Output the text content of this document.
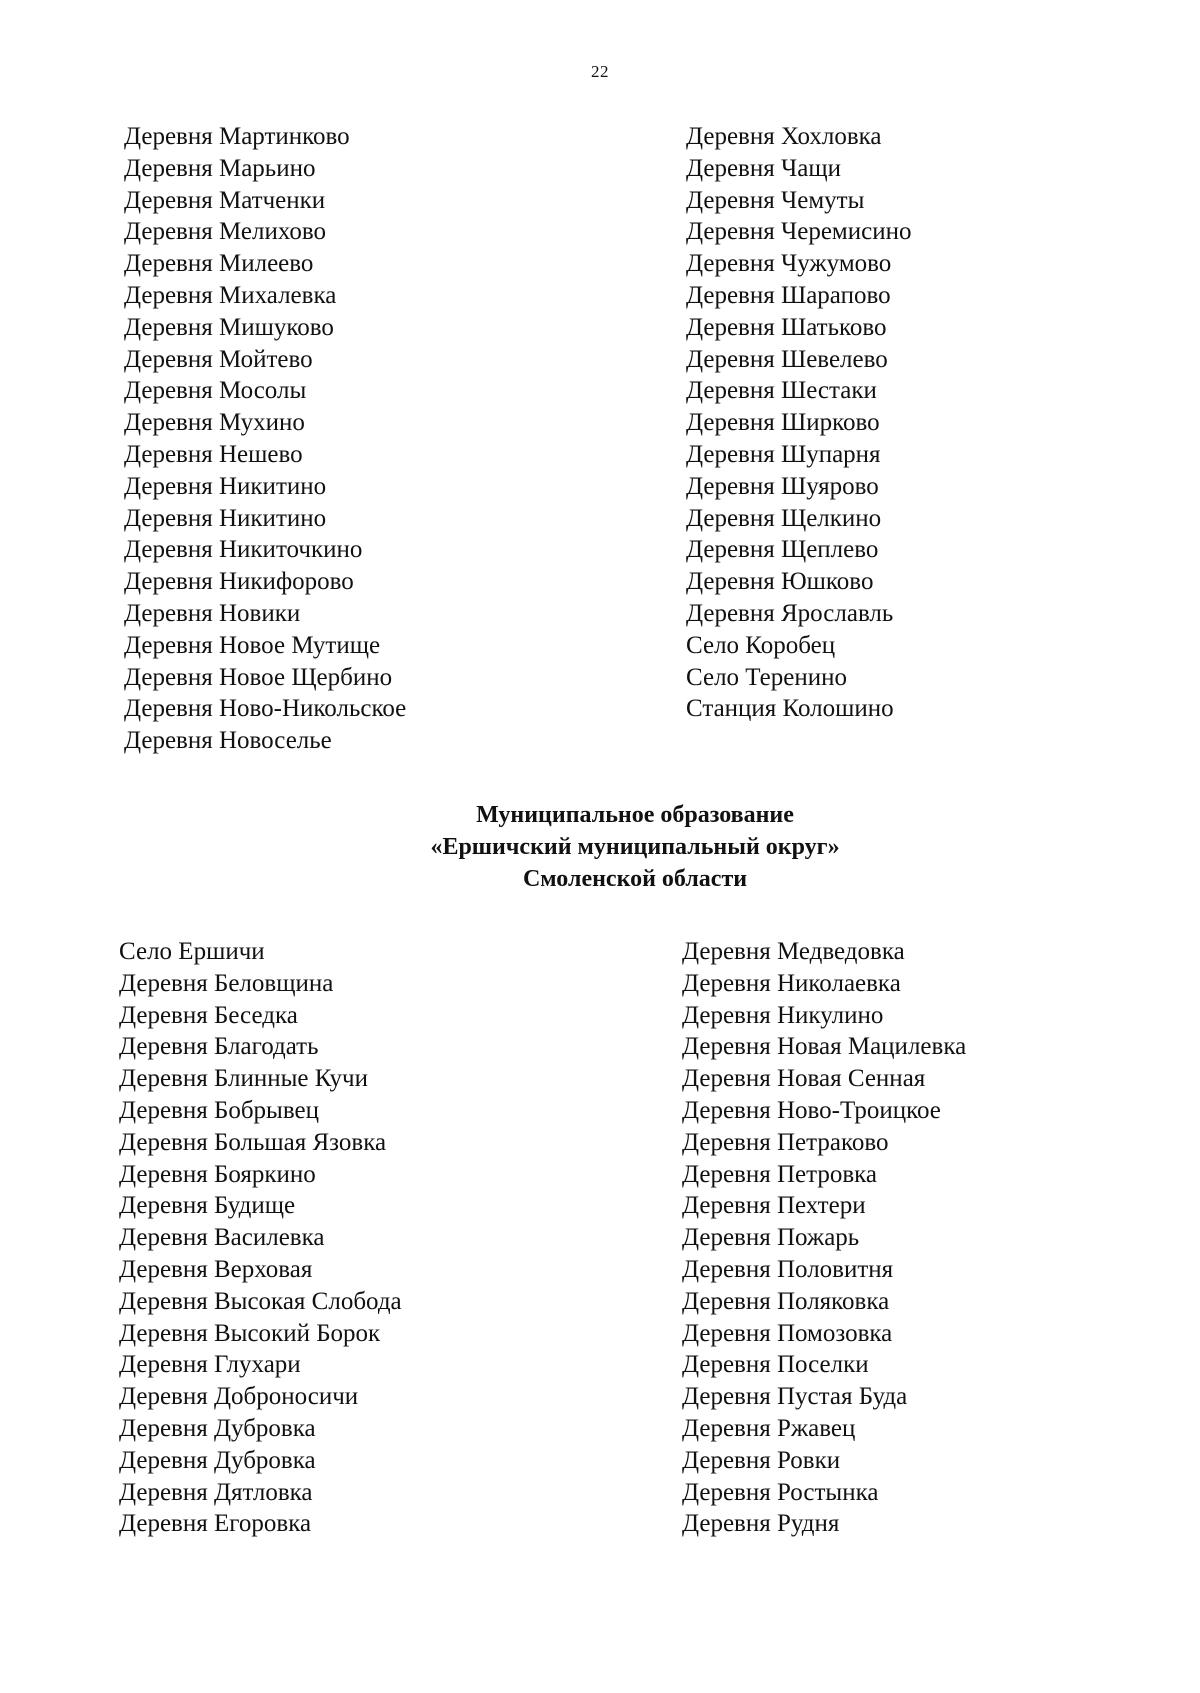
22
Деревня Мартинково
Деревня Марьино
Деревня Матченки
Деревня Мелихово
Деревня Милеево
Деревня Михалевка
Деревня Мишуково
Деревня Мойтево
Деревня Мосолы
Деревня Мухино
Деревня Нешево
Деревня Никитино
Деревня Никитино
Деревня Никиточкино
Деревня Никифорово
Деревня Новики
Деревня Новое Мутище
Деревня Новое Щербино
Деревня Ново-Никольское
Деревня Новоселье
Деревня Хохловка
Деревня Чащи
Деревня Чемуты
Деревня Черемисино
Деревня Чужумово
Деревня Шарапово
Деревня Шатьково
Деревня Шевелево
Деревня Шестаки
Деревня Ширково
Деревня Шупарня
Деревня Шуярово
Деревня Щелкино
Деревня Щеплево
Деревня Юшково
Деревня Ярославль
Село Коробец
Село Теренино
Станция Колошино
Муниципальное образование
«Ершичский муниципальный округ»
Смоленской области
Село Ершичи
Деревня Беловщина
Деревня Беседка
Деревня Благодать
Деревня Блинные Кучи
Деревня Бобрывец
Деревня Большая Язовка
Деревня Бояркино
Деревня Будище
Деревня Василевка
Деревня Верховая
Деревня Высокая Слобода
Деревня Высокий Борок
Деревня Глухари
Деревня Доброносичи
Деревня Дубровка
Деревня Дубровка
Деревня Дятловка
Деревня Егоровка
Деревня Медведовка
Деревня Николаевка
Деревня Никулино
Деревня Новая Мацилевка
Деревня Новая Сенная
Деревня Ново-Троицкое
Деревня Петраково
Деревня Петровка
Деревня Пехтери
Деревня Пожарь
Деревня Половитня
Деревня Поляковка
Деревня Помозовка
Деревня Поселки
Деревня Пустая Буда
Деревня Ржавец
Деревня Ровки
Деревня Ростынка
Деревня Рудня
